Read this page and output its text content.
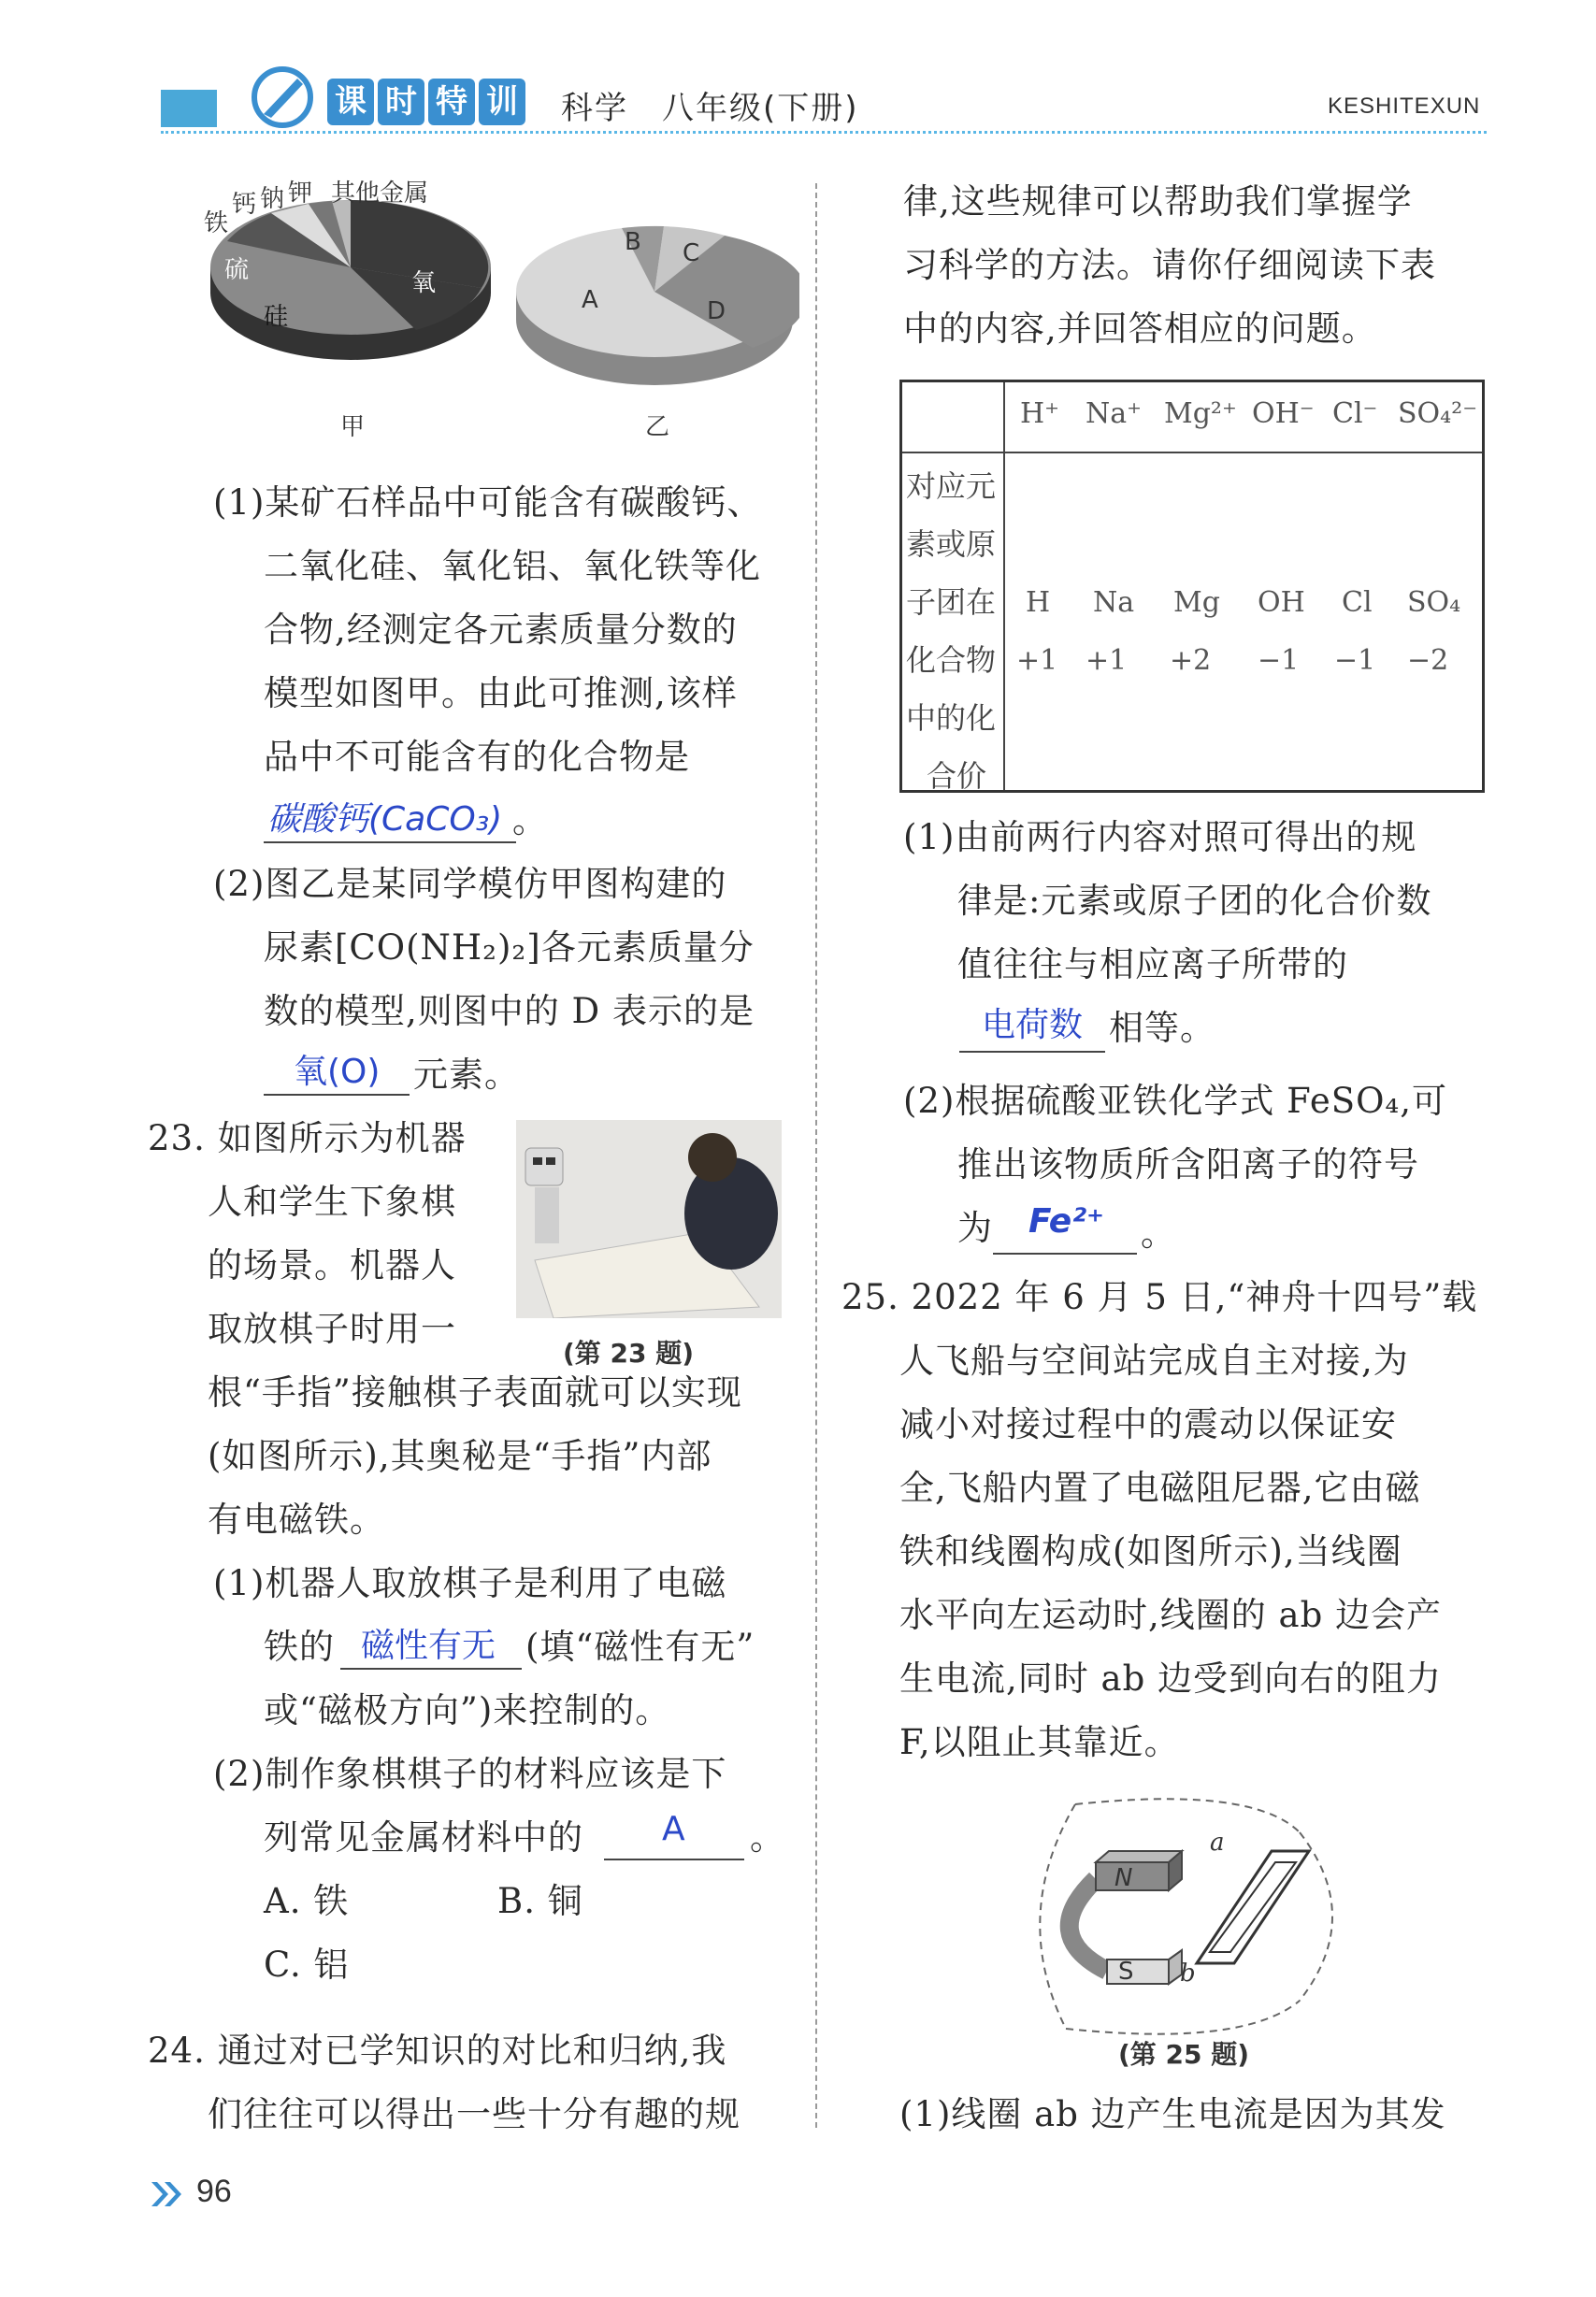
课 时 特 训 科学　八年级(下册)	KESHITEXUN
铁
钙 钠 钾 其他金属
硫	氧
硅
甲
B C
A	D
乙
(1)某矿石样品中可能含有碳酸钙、
二氧化硅、氧化铝、氧化铁等化
合物,经测定各元素质量分数的
模型如图甲。由此可推测,该样
品中不可能含有的化合物是
碳酸钙(CaCO₃) 。
(2)图乙是某同学模仿甲图构建的
尿素[CO(NH₂)₂]各元素质量分
数的模型,则图中的 D 表示的是
氧(O) 元素。
23. 如图所示为机器
人和学生下象棋
的场景。机器人
取放棋子时用一
(第 23 题)
根“手指”接触棋子表面就可以实现
(如图所示),其奥秘是“手指”内部
有电磁铁。
(1)机器人取放棋子是利用了电磁
铁的 磁性有无 (填“磁性有无”
或“磁极方向”)来控制的。
(2)制作象棋棋子的材料应该是下
列常见金属材料中的 A 。
A. 铁	B. 铜
C. 铝
24. 通过对已学知识的对比和归纳,我
们往往可以得出一些十分有趣的规
律,这些规律可以帮助我们掌握学
习科学的方法。请你仔细阅读下表
中的内容,并回答相应的问题。
H⁺ Na⁺ Mg²⁺ OH⁻ Cl⁻ SO₄²⁻
对应元
素或原
子团在
化合物
中的化
合价
H Na Mg OH Cl SO₄
+1 +1 +2 −1 −1 −2
(1)由前两行内容对照可得出的规
律是:元素或原子团的化合价数
值往往与相应离子所带的
电荷数 相等。
(2)根据硫酸亚铁化学式 FeSO₄,可
推出该物质所含阳离子的符号
为 Fe²⁺ 。
25. 2022 年 6 月 5 日,“神舟十四号”载
人飞船与空间站完成自主对接,为
减小对接过程中的震动以保证安
全,飞船内置了电磁阻尼器,它由磁
铁和线圈构成(如图所示),当线圈
水平向左运动时,线圈的 ab 边会产
生电流,同时 ab 边受到向右的阻力
F,以阻止其靠近。
N
S
a
b
(第 25 题)
(1)线圈 ab 边产生电流是因为其发
96
